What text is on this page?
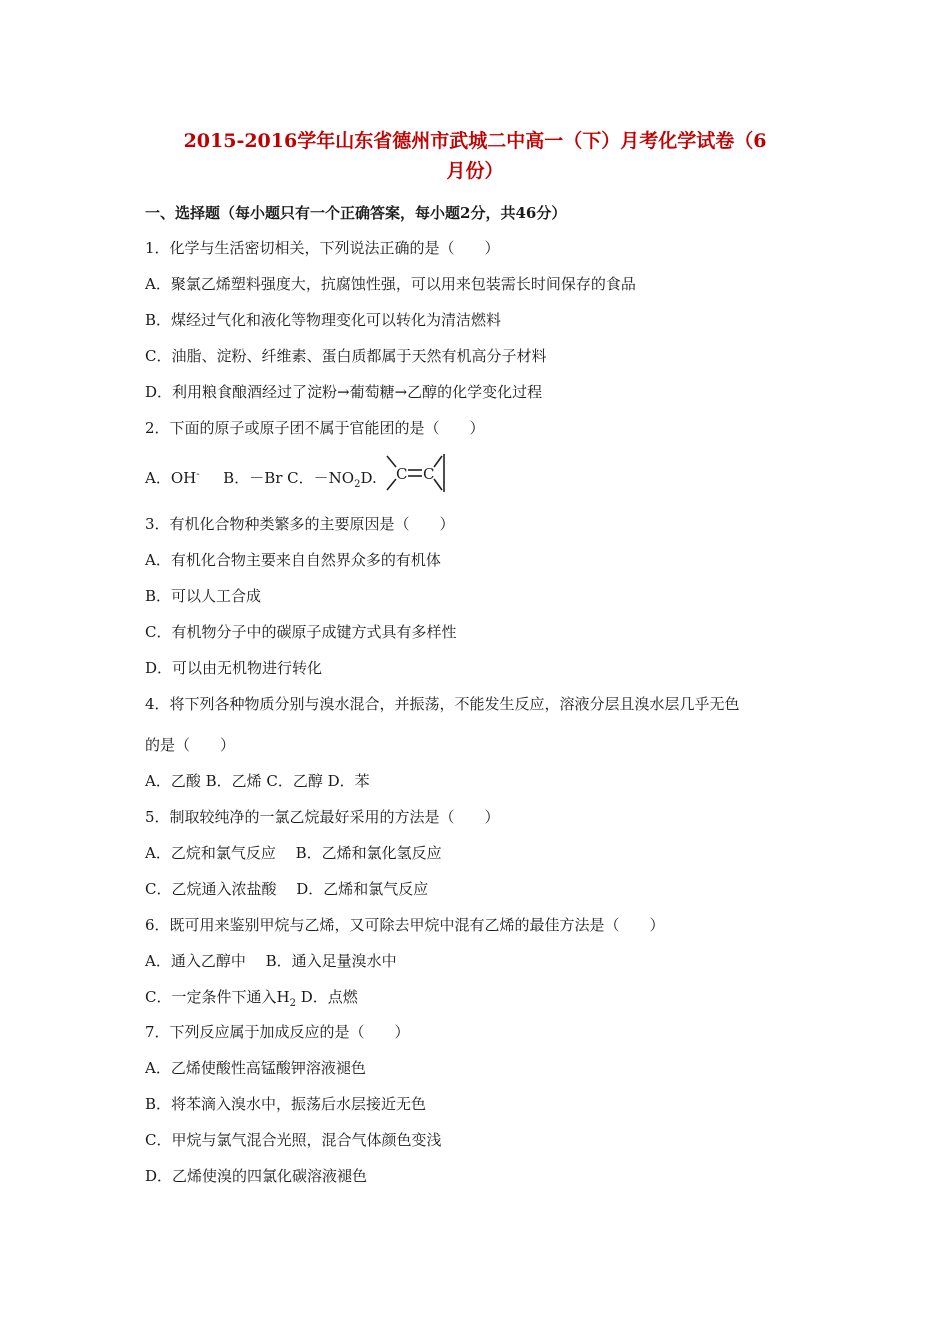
2015-2016学年山东省德州市武城二中高一（下）月考化学试卷（6
月份）
一、选择题（每小题只有一个正确答案，每小题2分，共46分）
1．化学与生活密切相关，下列说法正确的是（　　）
A．聚氯乙烯塑料强度大，抗腐蚀性强，可以用来包装需长时间保存的食品
B．煤经过气化和液化等物理变化可以转化为清洁燃料
C．油脂、淀粉、纤维素、蛋白质都属于天然有机高分子材料
D．利用粮食酿酒经过了淀粉→葡萄糖→乙醇的化学变化过程
2．下面的原子或原子团不属于官能团的是（　　）
A．OH- B．－Br C．$-NO_2D$. C C
3．有机化合物种类繁多的主要原因是（　　）
A．有机化合物主要来自自然界众多的有机体
B．可以人工合成
C．有机物分子中的碳原子成键方式具有多样性
D．可以由无机物进行转化
4．将下列各种物质分别与溴水混合，并振荡，不能发生反应，溶液分层且溴水层几乎无色
的是（　　）
A．乙酸 B．乙烯 C．乙醇 D．苯
5．制取较纯净的一氯乙烷最好采用的方法是（　　）
A．乙烷和氯气反应　 B．乙烯和氯化氢反应
C．乙烷通入浓盐酸　 D．乙烯和氯气反应
6．既可用来鉴别甲烷与乙烯，又可除去甲烷中混有乙烯的最佳方法是（　　）
A．通入乙醇中　 B．通入足量溴水中
C．一定条件下通入$H_2$ D．点燃
7．下列反应属于加成反应的是（　　）
A．乙烯使酸性高锰酸钾溶液褪色
B．将苯滴入溴水中，振荡后水层接近无色
C．甲烷与氯气混合光照，混合气体颜色变浅
D．乙烯使溴的四氯化碳溶液褪色
